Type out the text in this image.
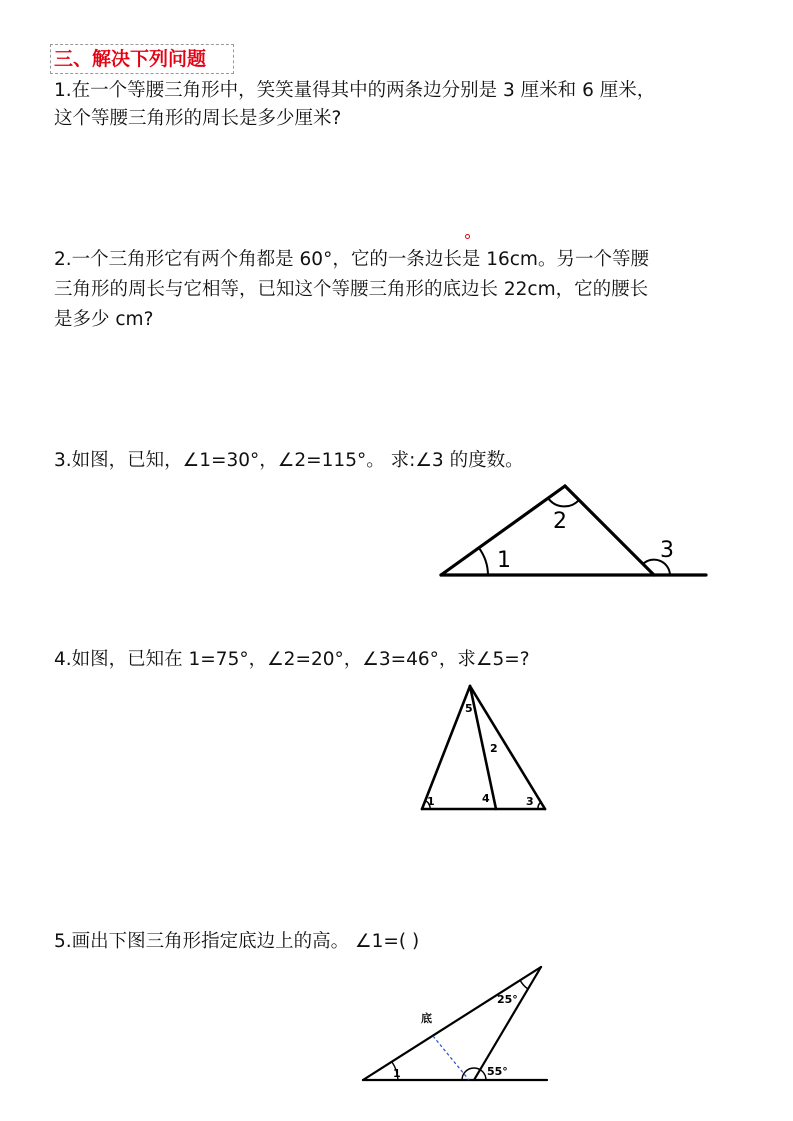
三、解决下列问题
1.在一个等腰三角形中，笑笑量得其中的两条边分别是 3 厘米和 6 厘米，
这个等腰三角形的周长是多少厘米?
2.一个三角形它有两个角都是 60°，它的一条边长是 16cm。另一个等腰
三角形的周长与它相等，已知这个等腰三角形的底边长 22cm，它的腰长
是多少 cm?
3.如图，已知，∠1=30°，∠2=115°。 求:∠3 的度数。
1
2
3
4.如图，已知在 1=75°，∠2=20°，∠3=46°，求∠5=?
1
2
3
4
5
5.画出下图三角形指定底边上的高。 ∠1=( )
底
25°
55°
1
